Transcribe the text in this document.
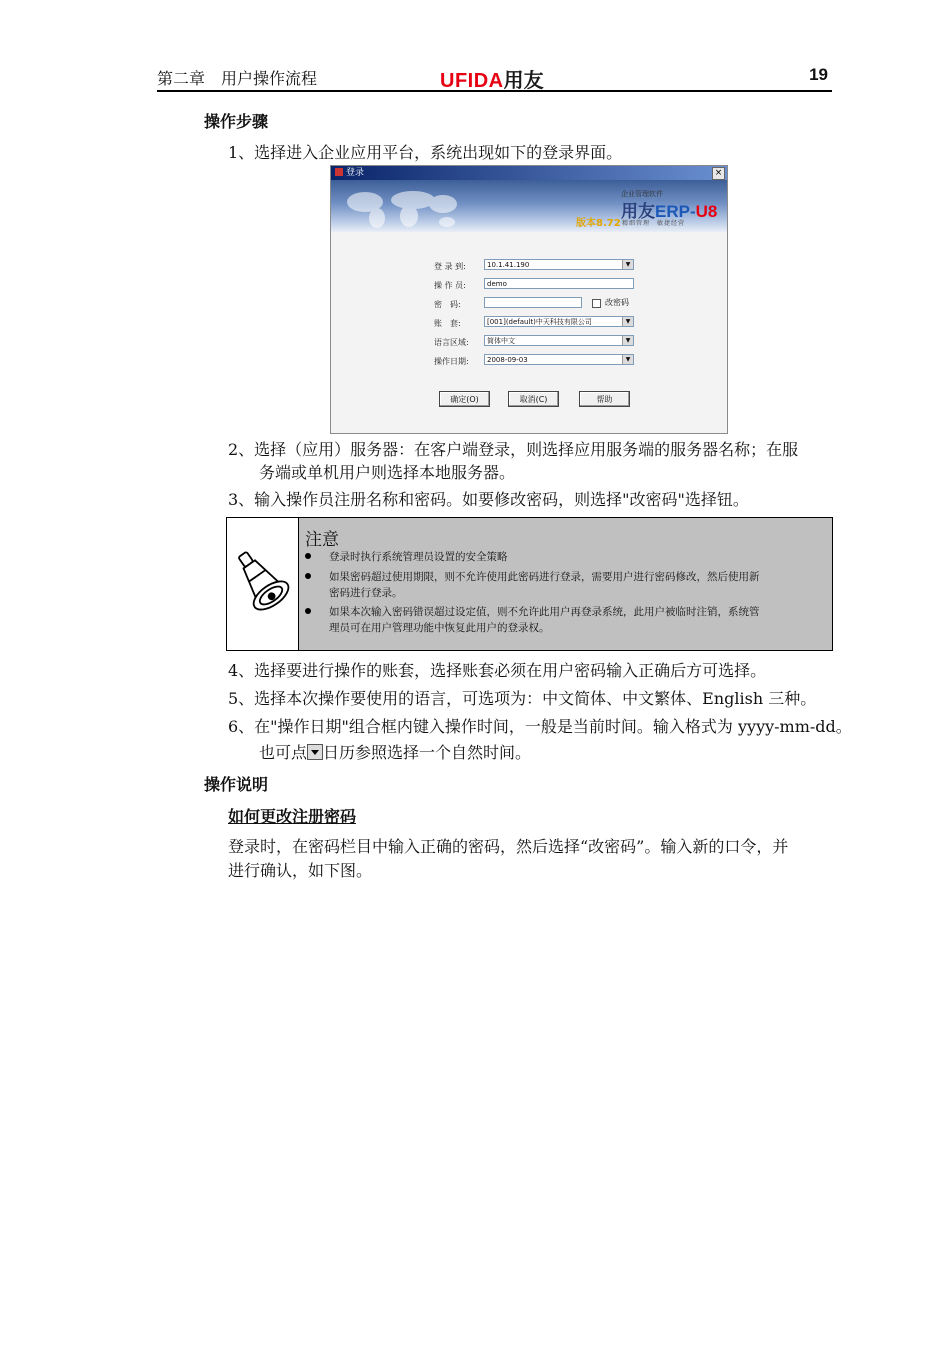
第二章　用户操作流程	UFIDA用友	19
操作步骤
1、选择进入企业应用平台，系统出现如下的登录界面。
登录	×
版本8.72
企业管理软件
用友ERP-U8
精细管理　敏捷经营
登 录 到:	10.1.41.190	▼
操 作 员:	demo
密　码:	改密码
账　套:	[001](default)中天科技有限公司	▼
语言区域:	简体中文	▼
操作日期:	2008-09-03	▼
确定(O)	取消(C)	帮助
2、选择（应用）服务器：在客户端登录，则选择应用服务端的服务器名称；在服
务端或单机用户则选择本地服务器。
3、输入操作员注册名称和密码。如要修改密码，则选择"改密码"选择钮。
注意
登录时执行系统管理员设置的安全策略
如果密码超过使用期限，则不允许使用此密码进行登录，需要用户进行密码修改，然后使用新
密码进行登录。
如果本次输入密码错误超过设定值，则不允许此用户再登录系统，此用户被临时注销，系统管
理员可在用户管理功能中恢复此用户的登录权。
4、选择要进行操作的账套，选择账套必须在用户密码输入正确后方可选择。
5、选择本次操作要使用的语言，可选项为：中文简体、中文繁体、English 三种。
6、在"操作日期"组合框内键入操作时间，一般是当前时间。输入格式为 yyyy-mm-dd。
也可点 日历参照选择一个自然时间。
操作说明
如何更改注册密码
登录时，在密码栏目中输入正确的密码，然后选择“改密码”。输入新的口令，并
进行确认，如下图。
